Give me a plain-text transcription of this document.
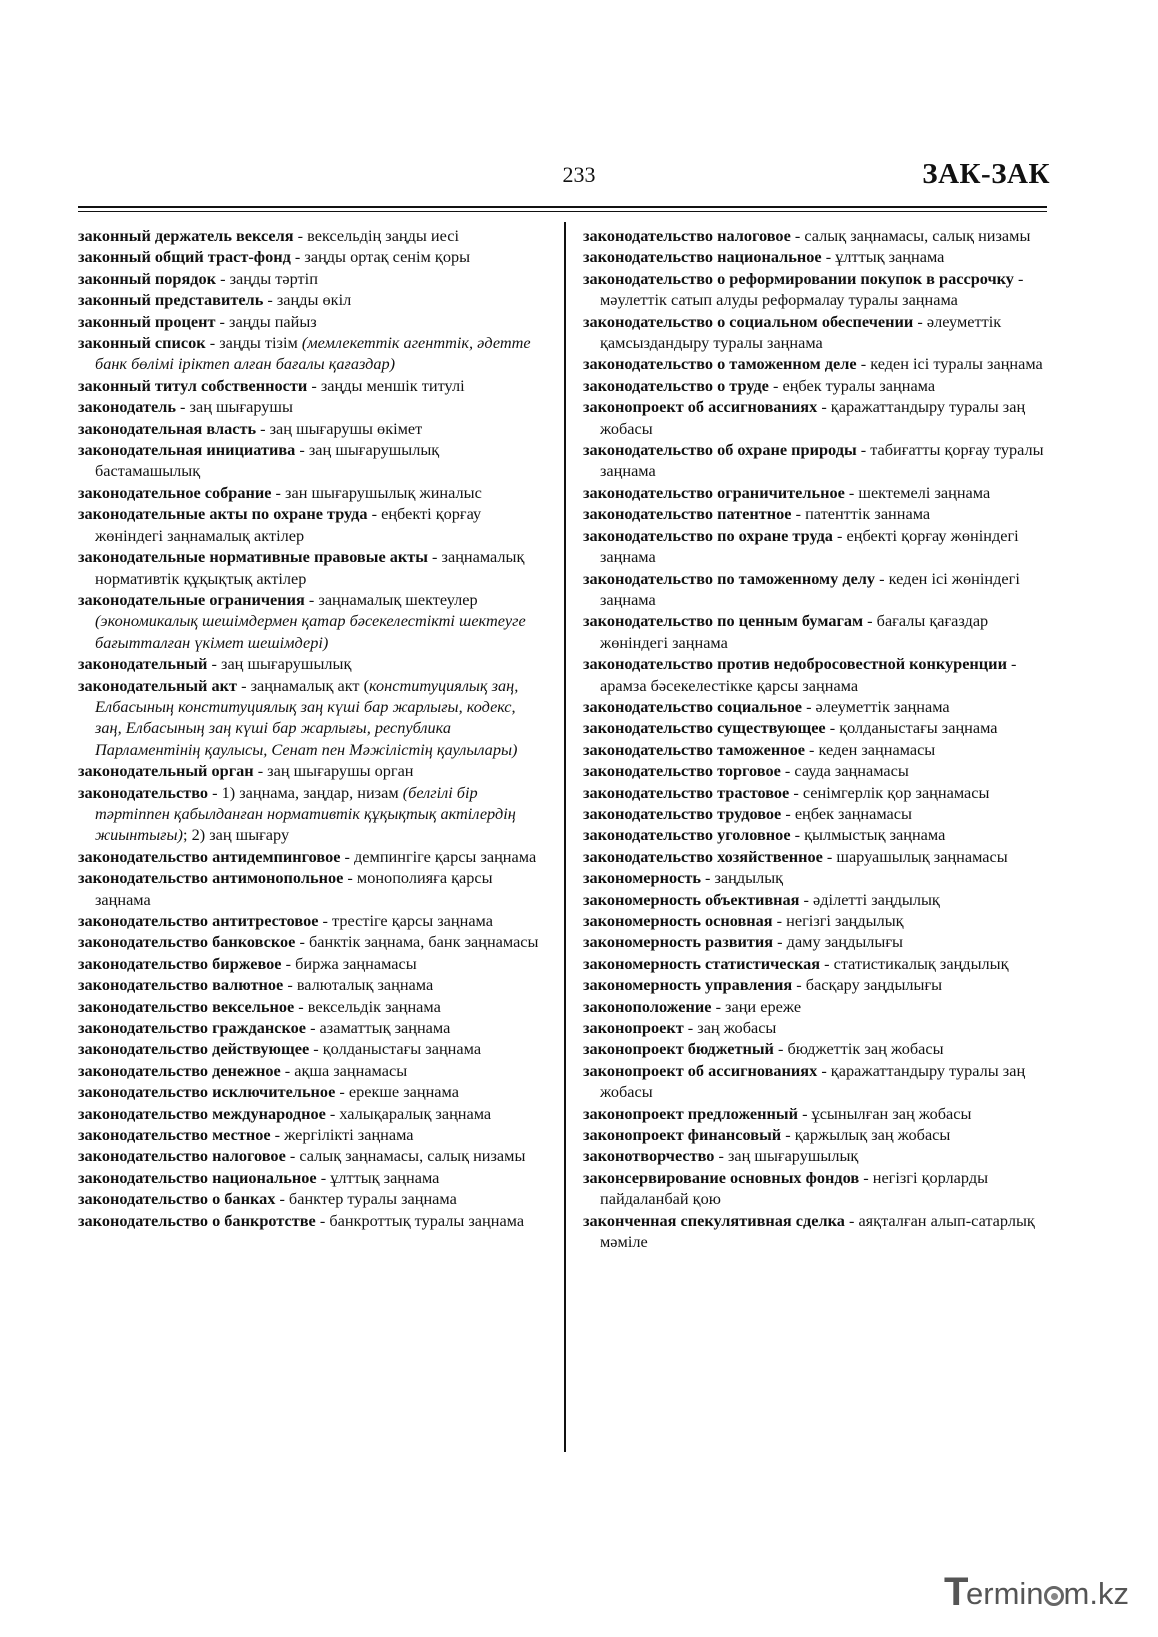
233	ЗАК-ЗАК

законный держатель векселя - вексельдің заңды иесі

законный общий траст-фонд - заңды ортақ сенім қоры

законный порядок - заңды тәртіп

законный представитель - заңды өкіл

законный процент - заңды пайыз

законный список - заңды тізім (мемлекеттік агенттік, әдетте банк бөлімі іріктеп алған бағалы қағаздар)

законный титул собственности - заңды меншік титулі

законодатель - заң шығарушы

законодательная власть - заң шығарушы өкімет

законодательная инициатива - заң шығарушылық бастамашылық

законодательное собрание - зан шығарушылық жиналыс

законодательные акты по охране труда - еңбекті қорғау жөніндегі заңнамалық актілер

законодательные нормативные правовые акты - заңнамалық нормативтік құқықтық актілер

законодательные ограничения - заңнамалық шектеулер (экономикалық шешімдермен қатар бәсекелестікті шектеуге бағытталған үкімет шешімдері)

законодательный - заң шығарушылық

законодательный акт - заңнамалық акт (конституциялық заң, Елбасының конституциялық заң күші бар жарлығы, кодекс, заң, Елбасының заң күші бар жарлығы, республика Парламентінің қаулысы, Сенат пен Мәжілістің қаулылары)

законодательный орган - заң шығарушы орган

законодательство - 1) заңнама, заңдар, низам (белгілі бір тәртіппен қабылданған нормативтік құқықтық актілердің жиынтығы); 2) заң шығару

законодательство антидемпинговое - демпингіге қарсы заңнама

законодательство антимонопольное - монополияға қарсы заңнама

законодательство антитрестовое - трестіге қарсы заңнама

законодательство банковское - банктік заңнама, банк заңнамасы

законодательство биржевое - биржа заңнамасы

законодательство валютное - валюталық заңнама

законодательство вексельное - вексельдік заңнама

законодательство гражданское - азаматтық заңнама

законодательство действующее - қолданыстағы заңнама

законодательство денежное - ақша заңнамасы

законодательство исключительное - ерекше заңнама

законодательство международное - халықаралық заңнама

законодательство местное - жергілікті заңнама

законодательство налоговое - салық заңнамасы, салық низамы

законодательство национальное - ұлттық заңнама

законодательство о банках - банктер туралы заңнама

законодательство о банкротстве - банкроттық туралы заңнама

законодательство налоговое - салық заңнамасы, салық низамы

законодательство национальное - ұлттық заңнама

законодательство о реформировании покупок в рассрочку - мәулеттік сатып алуды реформалау туралы заңнама

законодательство о социальном обеспечении - әлеуметтік қамсыздандыру туралы заңнама

законодательство о таможенном деле - кеден ісі туралы заңнама

законодательство о труде - еңбек туралы заңнама

законопроект об ассигнованиях - қаражаттандыру туралы заң жобасы

законодательство об охране природы - табиғатты қорғау туралы заңнама

законодательство ограничительное - шектемелі заңнама

законодательство патентное - патенттік заннама

законодательство по охране труда - еңбекті қорғау жөніндегі заңнама

законодательство по таможенному делу - кеден ісі жөніндегі заңнама

законодательство по ценным бумагам - бағалы қағаздар жөніндегі заңнама

законодательство против недобросовестной конкуренции - арамза бәсекелестікке қарсы заңнама

законодательство социальное - әлеуметтік заңнама

законодательство существующее - қолданыстағы заңнама

законодательство таможенное - кеден заңнамасы

законодательство торговое - сауда заңнамасы

законодательство трастовое - сенімгерлік қор заңнамасы

законодательство трудовое - еңбек заңнамасы

законодательство уголовное - қылмыстық заңнама

законодательство хозяйственное - шаруашылық заңнамасы

закономерность - заңдылық

закономерность объективная - әділетті заңдылық

закономерность основная - негізгі заңдылық

закономерность развития - даму заңдылығы

закономерность статистическая - статистикалық заңдылық

закономерность управления - басқару заңдылығы

законоположение - заңи ереже

законопроект - заң жобасы

законопроект бюджетный - бюджеттік заң жобасы

законопроект об ассигнованиях - қаражаттандыру туралы заң жобасы

законопроект предложенный - ұсынылған заң жобасы

законопроект финансовый - қаржылық заң жобасы

законотворчество - заң шығарушылық

законсервирование основных фондов - негізгі қорларды пайдаланбай қою

законченная спекулятивная сделка - аяқталған алып-сатарлық мәміле

T
ermin m.kz
